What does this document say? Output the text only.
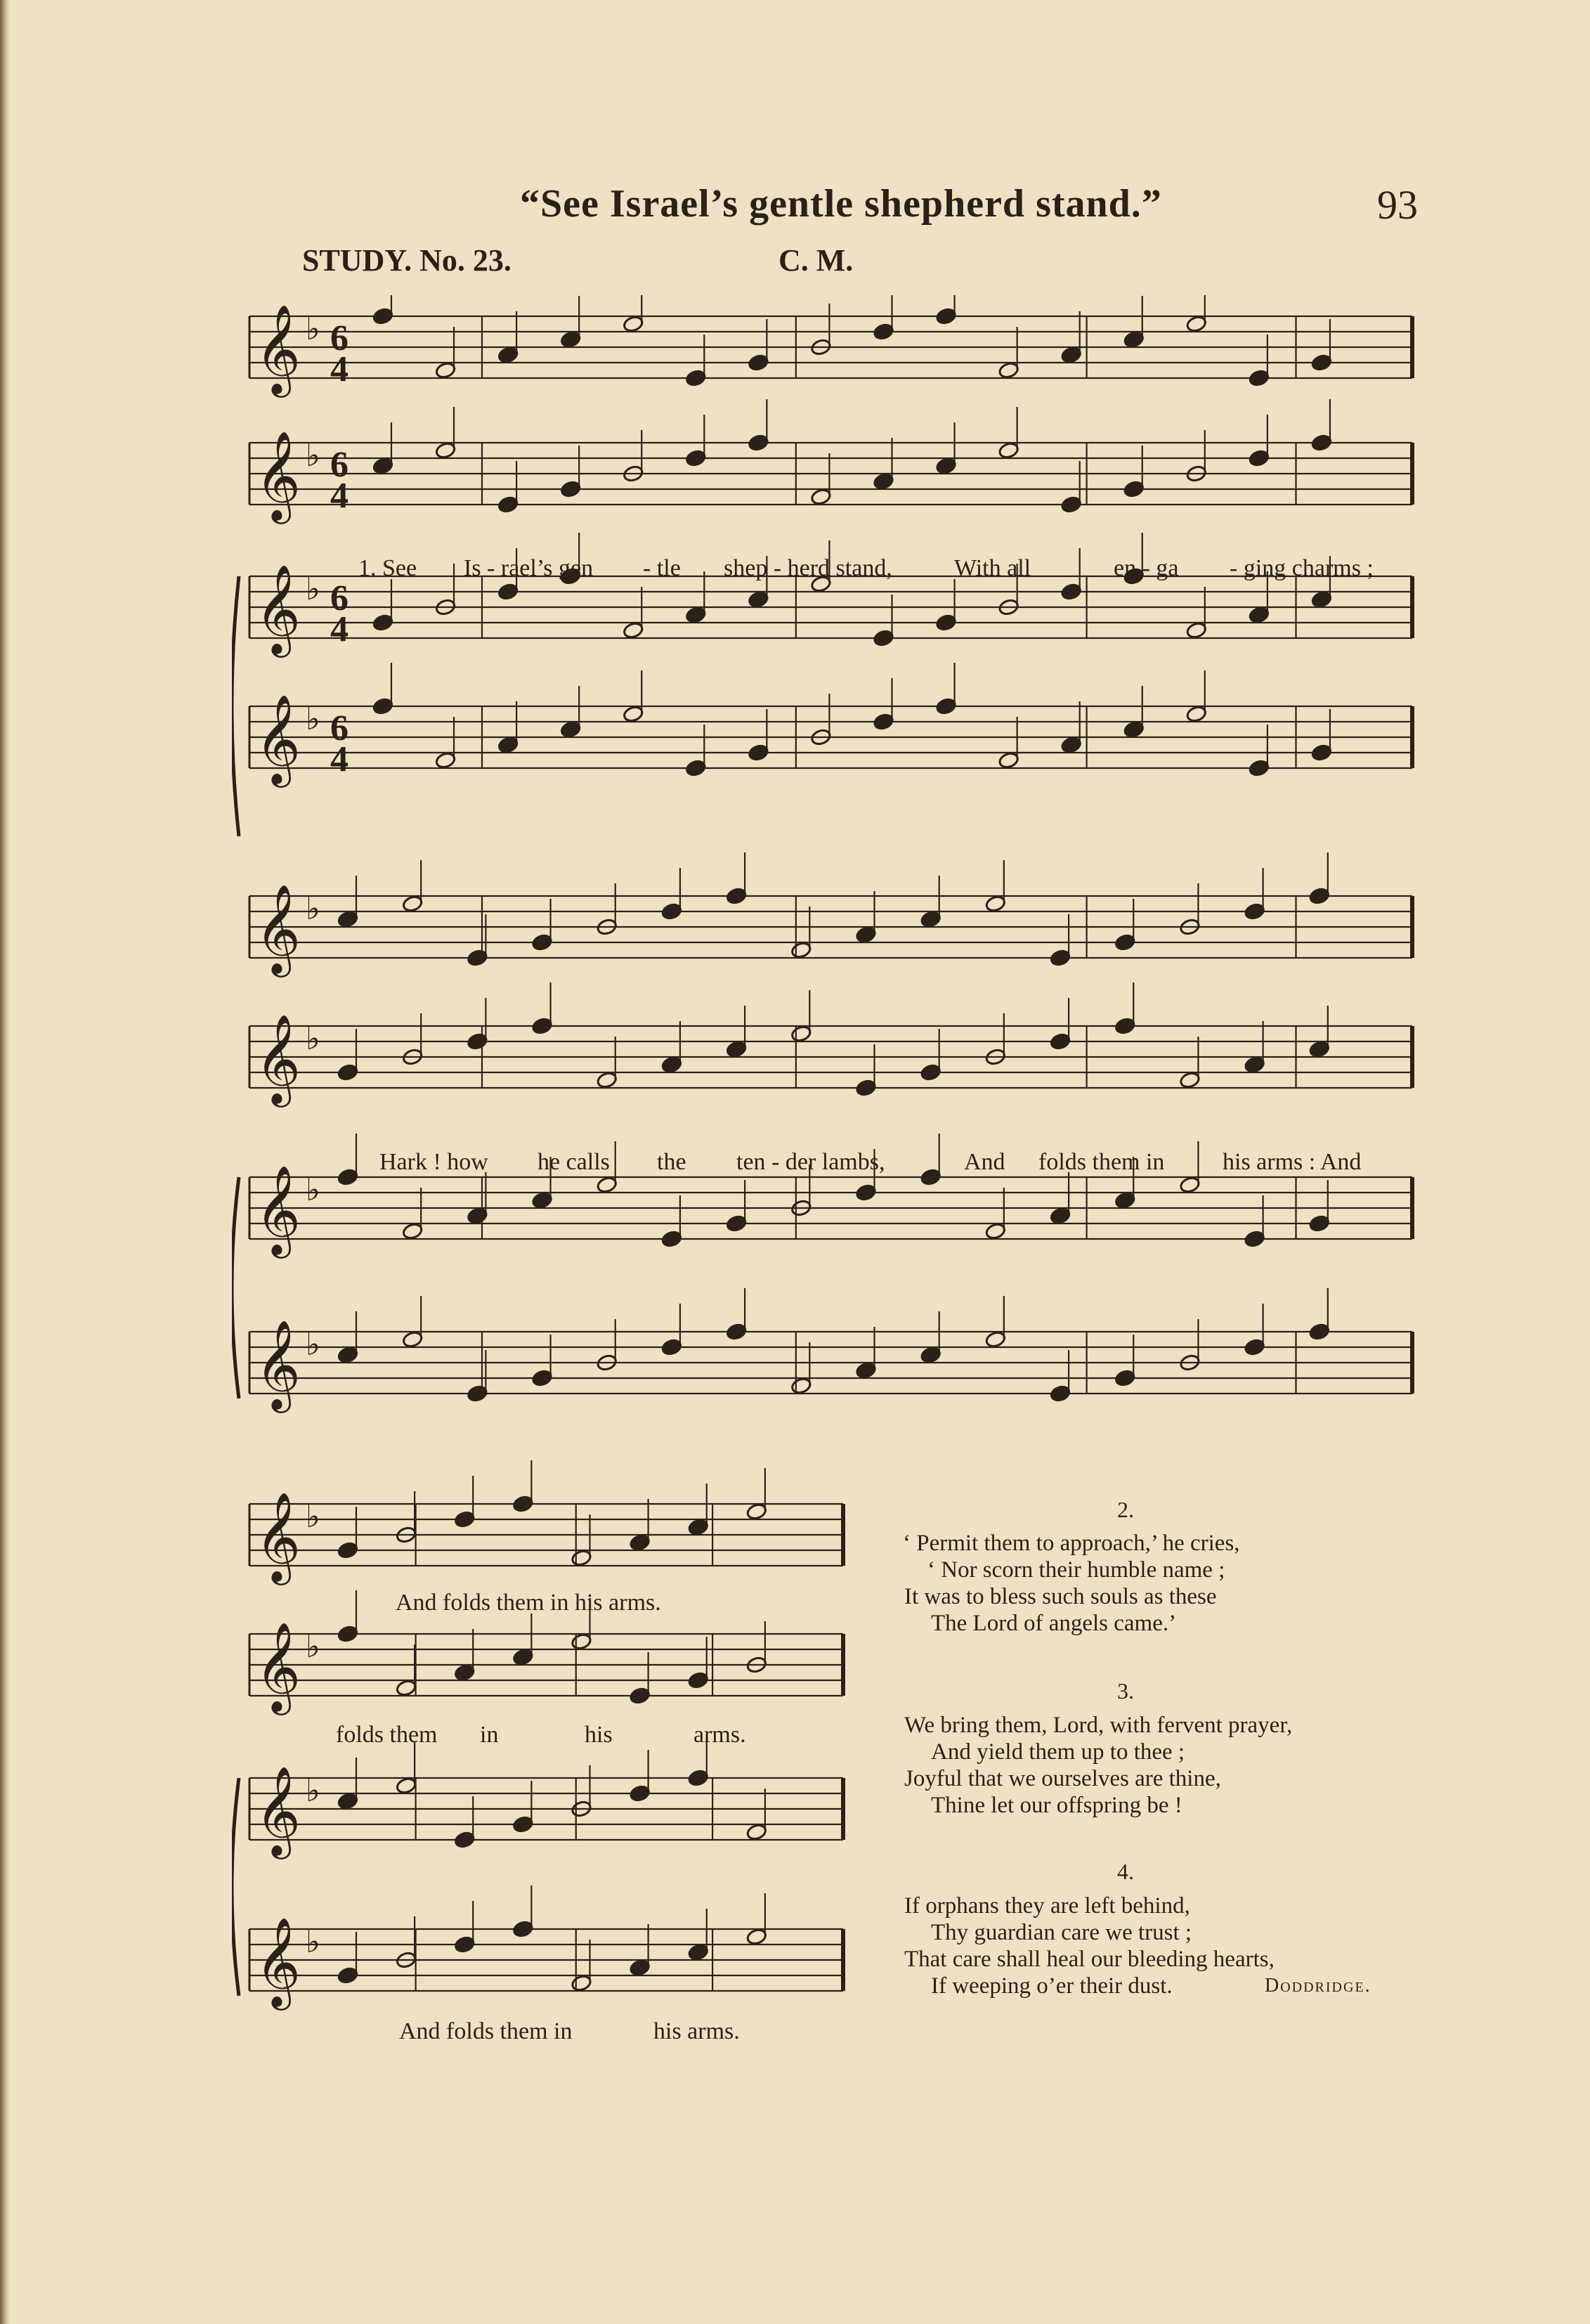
“See Israel’s gentle shepherd stand.”	93
STUDY. No. 23.	C. M.
𝄞 6
4
♭
𝄞 6
4
♭
𝄞 6
4
♭
𝄞 6
4
♭
𝄞 ♭
𝄞 ♭
𝄞 ♭
𝄞 ♭
𝄞 ♭
𝄞 ♭
𝄞 ♭
𝄞 ♭
1. See Is - rael’s gen - tle shep - herd stand,	With all	en - ga - ging charms ;
Hark ! how he calls the ten - der lambs,	And folds them in his arms : And
And folds them in his arms.
folds them in	his	arms.
And folds them in	his arms.
2.
‘ Permit them to approach,’ he cries,
‘ Nor scorn their humble name ;
It was to bless such souls as these
The Lord of angels came.’
3.
We bring them, Lord, with fervent prayer,
And yield them up to thee ;
Joyful that we ourselves are thine,
Thine let our offspring be !
4.
If orphans they are left behind,
Thy guardian care we trust ;
That care shall heal our bleeding hearts,
If weeping o’er their dust.	Doddridge.
